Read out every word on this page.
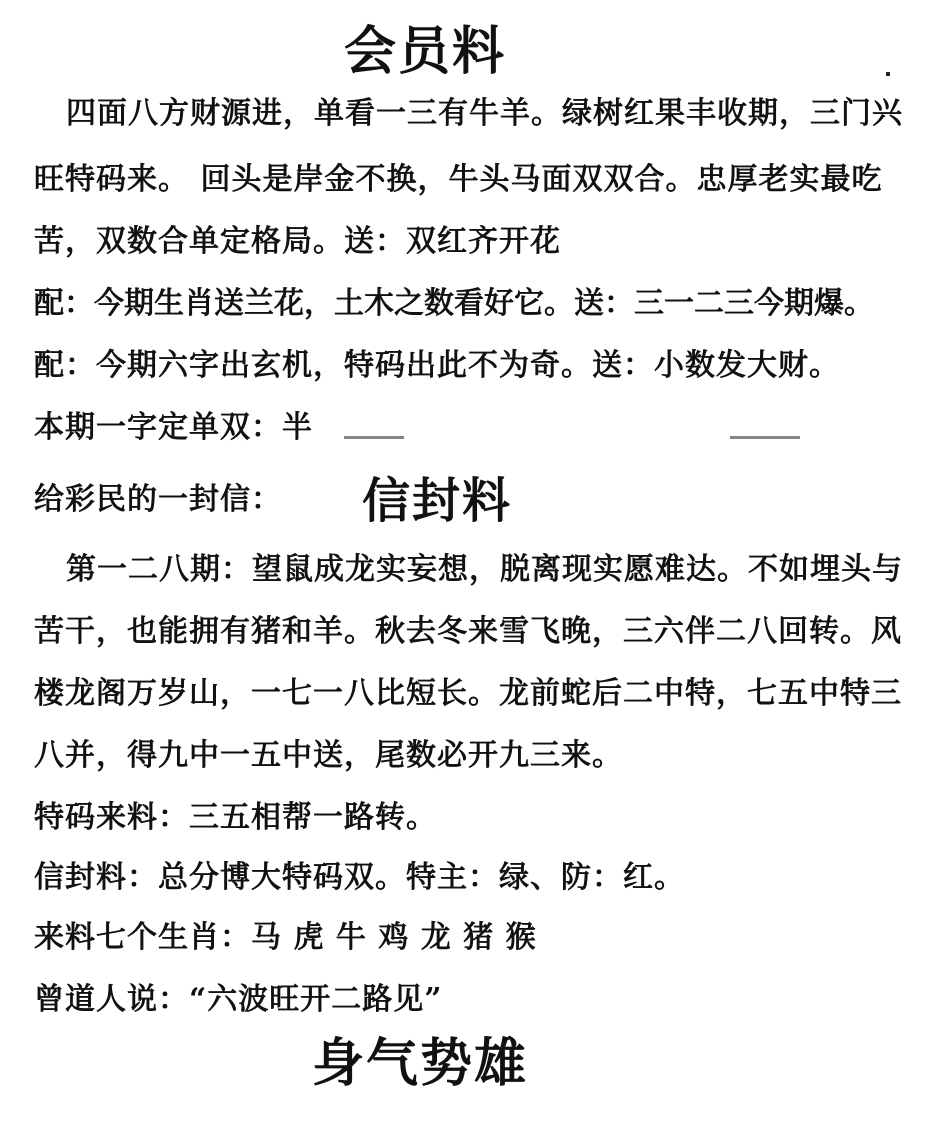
会员料
四面八方财源进，单看一三有牛羊。绿树红果丰收期，三门兴
旺特码来。 回头是岸金不换，牛头马面双双合。忠厚老实最吃
苦，双数合单定格局。送：双红齐开花
配：今期生肖送兰花，土木之数看好它。送：三一二三今期爆。
配：今期六字出玄机，特码出此不为奇。送：小数发大财。
本期一字定单双：半
给彩民的一封信： 信封料
第一二八期：望鼠成龙实妄想，脱离现实愿难达。不如埋头与
苦干，也能拥有猪和羊。秋去冬来雪飞晚，三六伴二八回转。风
楼龙阁万岁山，一七一八比短长。龙前蛇后二中特，七五中特三
八并，得九中一五中送，尾数必开九三来。
特码来料：三五相帮一路转。
信封料：总分博大特码双。特主：绿、防：红。
来料七个生肖：马 虎 牛 鸡 龙 猪 猴
曾道人说：“六波旺开二路见”
身气势雄
